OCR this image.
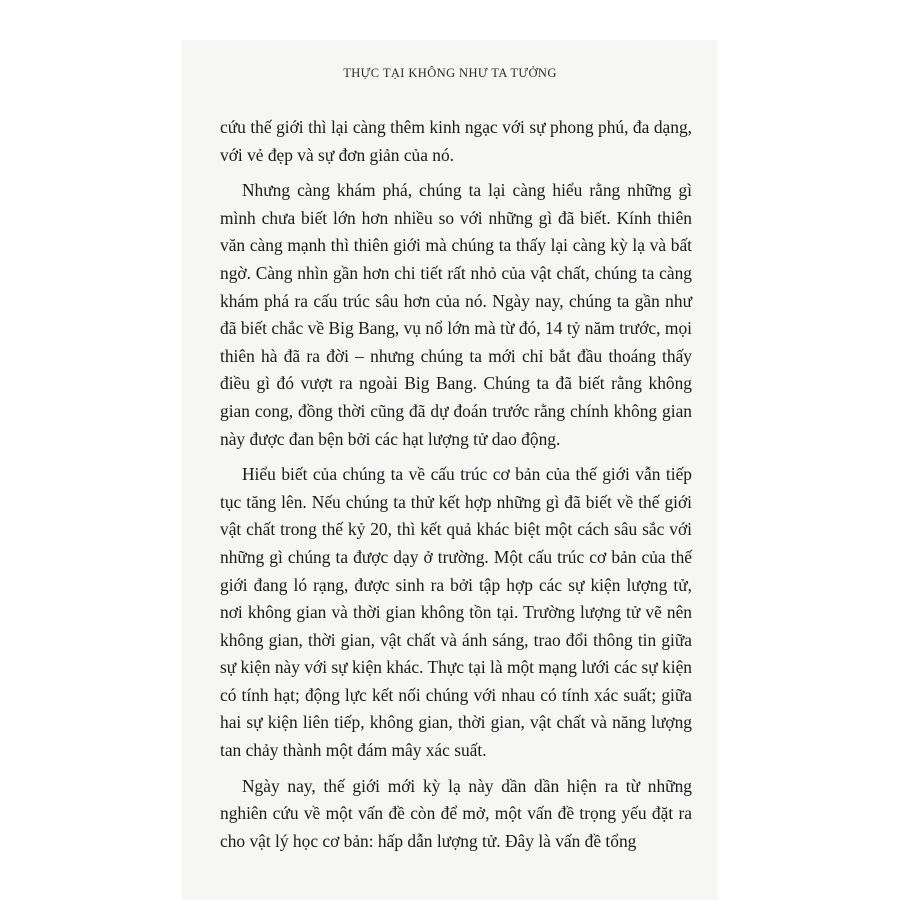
THỰC TẠI KHÔNG NHƯ TA TƯỞNG

cứu thế giới thì lại càng thêm kinh ngạc với sự phong phú, đa dạng, với vẻ đẹp và sự đơn giản của nó.

Nhưng càng khám phá, chúng ta lại càng hiểu rằng những gì mình chưa biết lớn hơn nhiều so với những gì đã biết. Kính thiên văn càng mạnh thì thiên giới mà chúng ta thấy lại càng kỳ lạ và bất ngờ. Càng nhìn gần hơn chi tiết rất nhỏ của vật chất, chúng ta càng khám phá ra cấu trúc sâu hơn của nó. Ngày nay, chúng ta gần như đã biết chắc về Big Bang, vụ nổ lớn mà từ đó, 14 tỷ năm trước, mọi thiên hà đã ra đời – nhưng chúng ta mới chỉ bắt đầu thoáng thấy điều gì đó vượt ra ngoài Big Bang. Chúng ta đã biết rằng không gian cong, đồng thời cũng đã dự đoán trước rằng chính không gian này được đan bện bởi các hạt lượng tử dao động.

Hiểu biết của chúng ta về cấu trúc cơ bản của thế giới vẫn tiếp tục tăng lên. Nếu chúng ta thử kết hợp những gì đã biết về thế giới vật chất trong thế kỷ 20, thì kết quả khác biệt một cách sâu sắc với những gì chúng ta được dạy ở trường. Một cấu trúc cơ bản của thế giới đang ló rạng, được sinh ra bởi tập hợp các sự kiện lượng tử, nơi không gian và thời gian không tồn tại. Trường lượng tử vẽ nên không gian, thời gian, vật chất và ánh sáng, trao đổi thông tin giữa sự kiện này với sự kiện khác. Thực tại là một mạng lưới các sự kiện có tính hạt; động lực kết nối chúng với nhau có tính xác suất; giữa hai sự kiện liên tiếp, không gian, thời gian, vật chất và năng lượng tan chảy thành một đám mây xác suất.

Ngày nay, thế giới mới kỳ lạ này dần dần hiện ra từ những nghiên cứu về một vấn đề còn để mở, một vấn đề trọng yếu đặt ra cho vật lý học cơ bản: hấp dẫn lượng tử. Đây là vấn đề tổng
